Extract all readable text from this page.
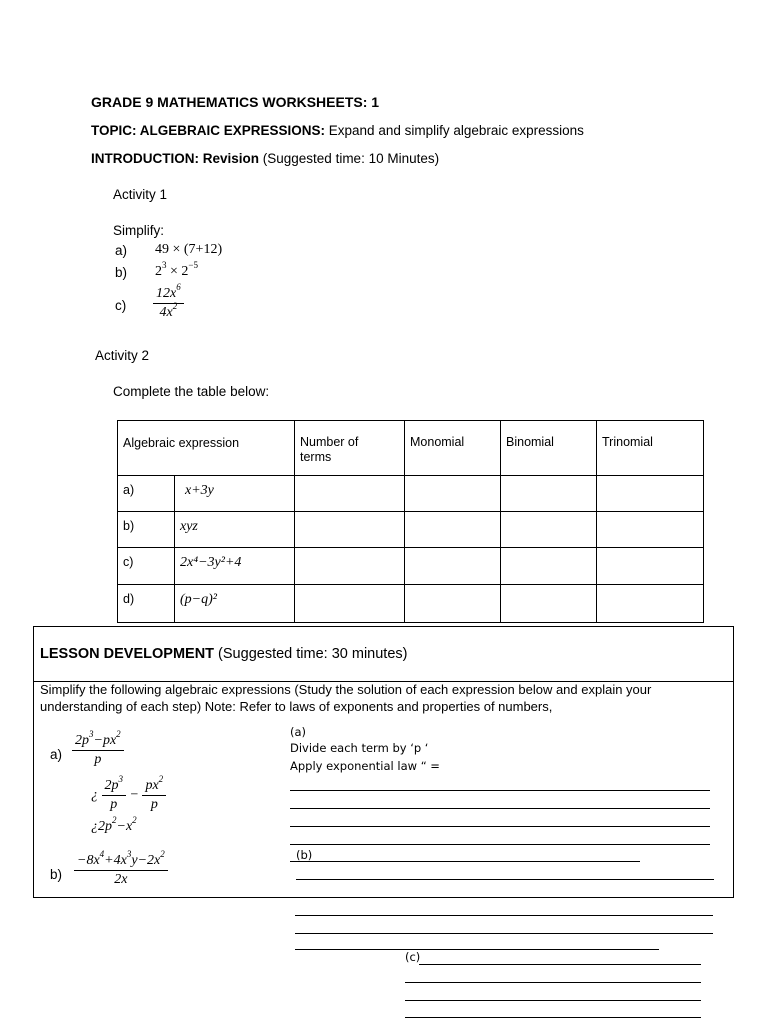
GRADE 9 MATHEMATICS WORKSHEETS: 1
TOPIC: ALGEBRAIC EXPRESSIONS: Expand and simplify algebraic expressions
INTRODUCTION: Revision (Suggested time: 10 Minutes)
Activity 1
Simplify:
a) 49 × (7+12)
b) $2^3 \times 2^{-5}$
$c) \frac{12x^6}{4x^2}$
Activity 2
Complete the table below:
Algebraic expression		Number of terms	Monomial	Binomial	Trinomial

a)	x+3y				

b)	xyz				

c)	2x⁴−3y²+4				

d)	(p−q)²				

LESSON DEVELOPMENT (Suggested time: 30 minutes)
Simplify the following algebraic expressions (Study the solution of each expression below and explain your
understanding of each step) Note: Refer to laws of exponents and properties of numbers,
$a) \frac{2p^3-px^2}{p}$
¿ $\frac{2p^3}{p} - \frac{px^2}{p}$
¿$2p^2-x^2$
$b) \frac{-8x^4+4x^3y-2x^2}{2x}$
(a)
Divide each term by ‘p ‘
Apply exponential law “ =
(b)
(c)
